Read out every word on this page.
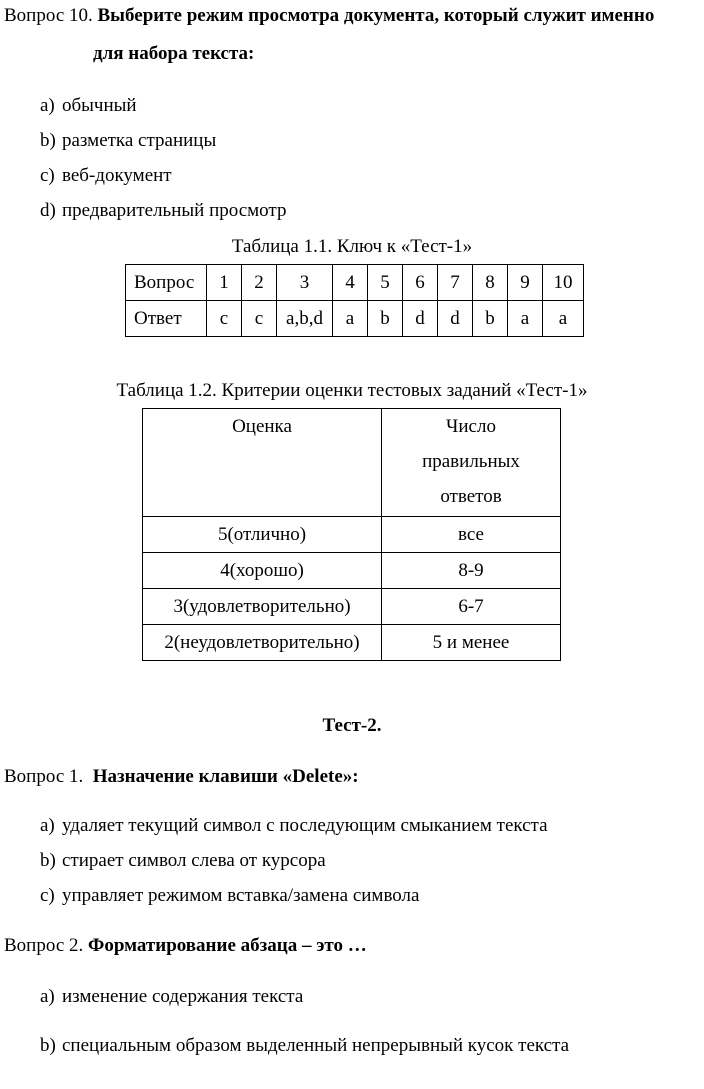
Вопрос 10. Выберите режим просмотра документа, который служит именно
для набора текста:
a) обычный
b) разметка страницы
c) веб-документ
d) предварительный просмотр
Таблица 1.1. Ключ к «Тест-1»
Вопрос	1	2	3	4	5	6	7	8	9	10
Ответ	c	c	a,b,d	a	b	d	d	b	a	a
Таблица 1.2. Критерии оценки тестовых заданий «Тест-1»
Оценка	Число
правильных
ответов

5(отлично)	все
4(хорошо)	8-9
3(удовлетворительно)	6-7
2(неудовлетворительно)	5 и менее
Тест-2.
Вопрос 1.  Назначение клавиши «Delete»:
a) удаляет текущий символ с последующим смыканием текста
b) стирает символ слева от курсора
c) управляет режимом вставка/замена символа
Вопрос 2. Форматирование абзаца – это …
a) изменение содержания текста
b) специальным образом выделенный непрерывный кусок текста
